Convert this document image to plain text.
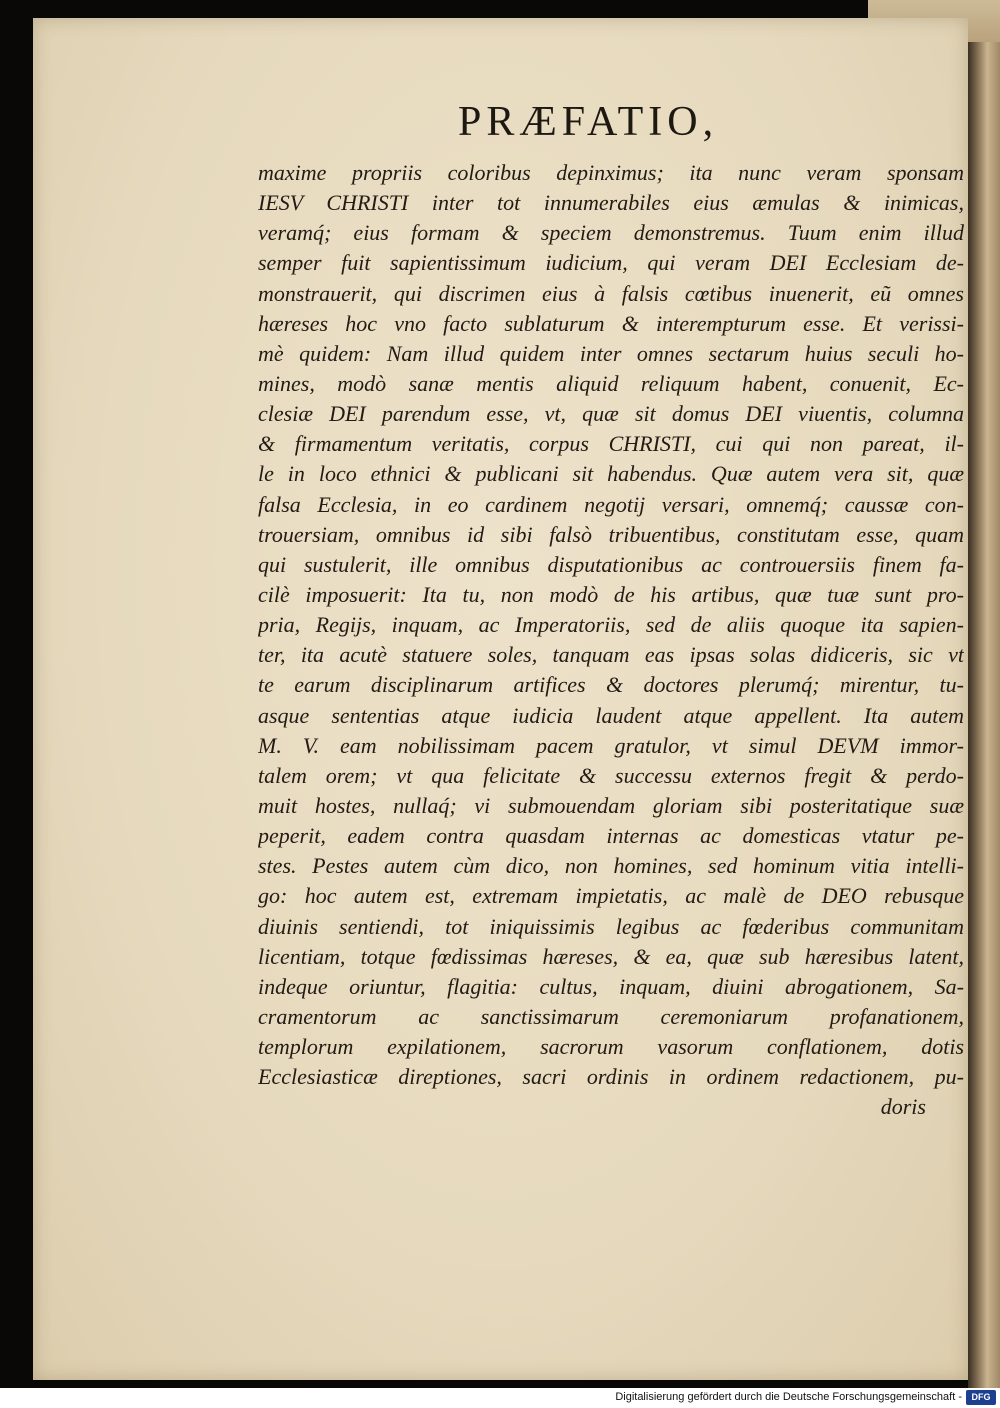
PRÆFATIO,
maxime propriis coloribus depinximus; ita nunc veram sponsam
IESV CHRISTI inter tot innumerabiles eius æmulas & inimicas,
veramq́; eius formam & speciem demonstremus. Tuum enim illud
semper fuit sapientissimum iudicium, qui veram DEI Ecclesiam de-
monstrauerit, qui discrimen eius à falsis cœtibus inuenerit, eũ omnes
hæreses hoc vno facto sublaturum & interempturum esse. Et verissi-
mè quidem: Nam illud quidem inter omnes sectarum huius seculi ho-
mines, modò sanæ mentis aliquid reliquum habent, conuenit, Ec-
clesiæ DEI parendum esse, vt, quæ sit domus DEI viuentis, columna
& firmamentum veritatis, corpus CHRISTI, cui qui non pareat, il-
le in loco ethnici & publicani sit habendus. Quæ autem vera sit, quæ
falsa Ecclesia, in eo cardinem negotij versari, omnemq́; caussæ con-
trouersiam, omnibus id sibi falsò tribuentibus, constitutam esse, quam
qui sustulerit, ille omnibus disputationibus ac controuersiis finem fa-
cilè imposuerit: Ita tu, non modò de his artibus, quæ tuæ sunt pro-
pria, Regijs, inquam, ac Imperatoriis, sed de aliis quoque ita sapien-
ter, ita acutè statuere soles, tanquam eas ipsas solas didiceris, sic vt
te earum disciplinarum artifices & doctores plerumq́; mirentur, tu-
asque sententias atque iudicia laudent atque appellent. Ita autem
M. V. eam nobilissimam pacem gratulor, vt simul DEVM immor-
talem orem; vt qua felicitate & successu externos fregit & perdo-
muit hostes, nullaq́; vi submouendam gloriam sibi posteritatique suæ
peperit, eadem contra quasdam internas ac domesticas vtatur pe-
stes. Pestes autem cùm dico, non homines, sed hominum vitia intelli-
go: hoc autem est, extremam impietatis, ac malè de DEO rebusque
diuinis sentiendi, tot iniquissimis legibus ac fœderibus communitam
licentiam, totque fœdissimas hæreses, & ea, quæ sub hæresibus latent,
indeque oriuntur, flagitia: cultus, inquam, diuini abrogationem, Sa-
cramentorum ac sanctissimarum ceremoniarum profanationem,
templorum expilationem, sacrorum vasorum conflationem, dotis
Ecclesiasticæ direptiones, sacri ordinis in ordinem redactionem, pu-
doris
Digitalisierung gefördert durch die Deutsche Forschungsgemeinschaft -	DFG
